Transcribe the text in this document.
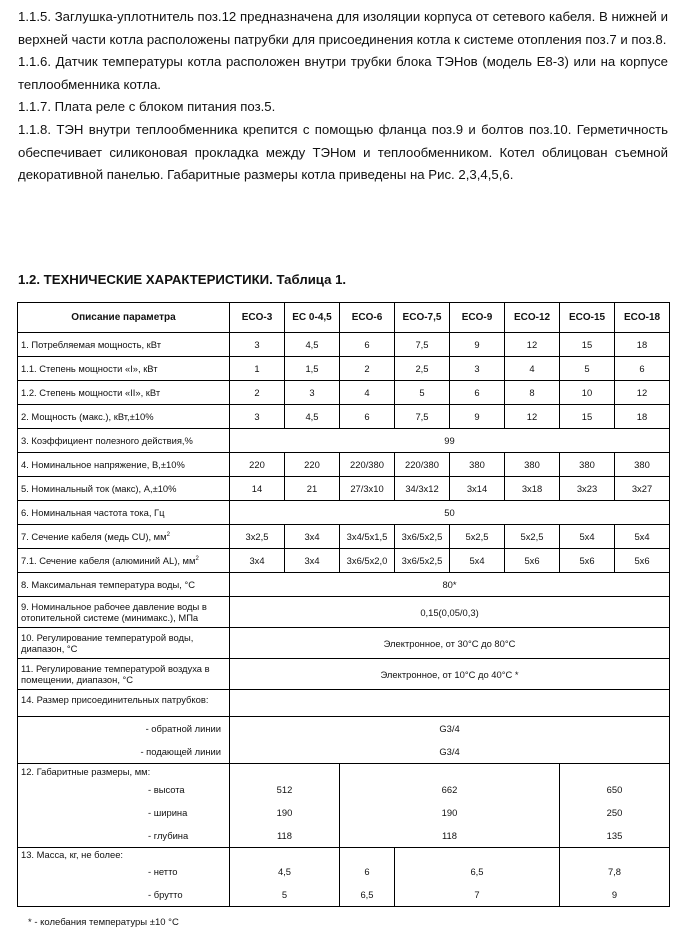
1.1.5. Заглушка-уплотнитель поз.12 предназначена для изоляции корпуса от сетевого кабеля. В нижней и верхней части котла расположены патрубки для присоединения котла к системе отопления поз.7 и поз.8.

1.1.6. Датчик температуры котла расположен внутри трубки блока ТЭНов (модель Е8-3) или на корпусе теплообменника котла.

1.1.7. Плата реле с блоком питания поз.5.

1.1.8. ТЭН внутри теплообменника крепится с помощью фланца поз.9 и болтов поз.10. Герметичность обеспечивает силиконовая прокладка между ТЭНом и теплообменником. Котел облицован съемной декоративной панелью. Габаритные размеры котла приведены на Рис. 2,3,4,5,6.

1.2. ТЕХНИЧЕСКИЕ ХАРАКТЕРИСТИКИ. Таблица 1.
Описание параметра	ECO-3	EC 0-4,5	ECO-6	ECO-7,5	ECO-9	ECO-12	ECO-15	ECO-18
1. Потребляемая мощность, кВт	3	4,5	6	7,5	9	12	15	18
1.1. Степень мощности «I», кВт	1	1,5	2	2,5	3	4	5	6
1.2. Степень мощности «II», кВт	2	3	4	5	6	8	10	12
2. Мощность (макс.), кВт,±10%	3	4,5	6	7,5	9	12	15	18
3. Коэффициент полезного действия,%	99							
4. Номинальное напряжение, В,±10%	220	220	220/380	220/380	380	380	380	380
5. Номинальный ток (макс), А,±10%	14	21	27/3x10	34/3x12	3x14	3x18	3x23	3x27
6. Номинальная частота тока, Гц	50							
7. Сечение кабеля (медь CU), $мм^2$	3x2,5	3x4	3x4/5x1,5	3x6/5x2,5	5x2,5	5x2,5	5x4	5x4
7.1. Сечение кабеля (алюминий AL), $мм^2$	3x4	3x4	3x6/5x2,0	3x6/5x2,5	5x4	5x6	5x6	5x6
8. Максимальная температура воды, °С	80*							
9. Номинальное рабочее давление воды в отопительной системе (минимакс.), МПа	0,15(0,05/0,3)							
10. Регулирование температурой воды, диапазон, °С	Электронное, от 30°С до 80°С							
11. Регулирование температурой воздуха в помещении, диапазон, °С	Электронное, от 10°С до 40°С *							
14. Размер присоединительных патрубков:								
- обратной линии	G3/4							
- подающей линии	G3/4							
12. Габаритные размеры, мм:								
- высота	512		662				650	
- ширина	190		190				250	
- глубина	118		118				135	
13. Масса, кг, не более:								
- нетто	4,5		6	6,5			7,8	
- брутто	5		6,5	7			9	
* - колебания температуры ±10 °С
